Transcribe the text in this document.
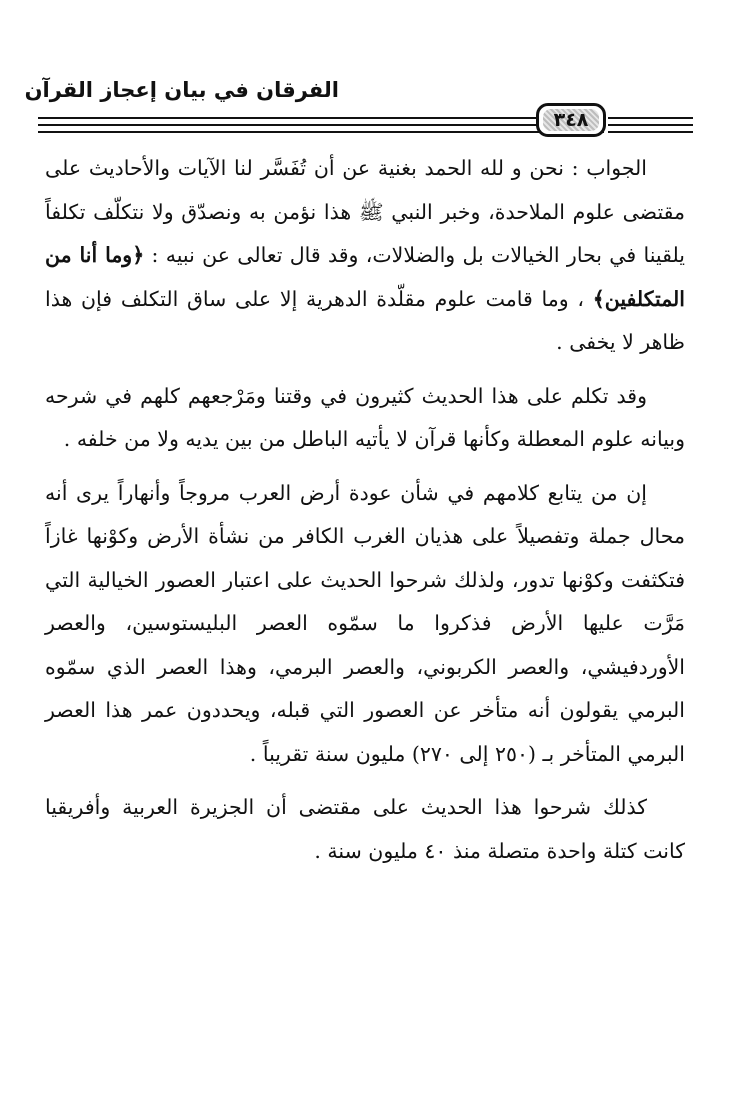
الفرقان في بيان إعجاز القرآن
٣٤٨

الجواب : نحن و لله الحمد بغنية عن أن تُفَسَّر لنا الآيات والأحاديث على مقتضى علوم الملاحدة، وخبر النبي ﷺ هذا نؤمن به ونصدّق ولا نتكلّف تكلفاً يلقينا في بحار الخيالات بل والضلالات، وقد قال تعالى عن نبيه : ﴿وما أنا من المتكلفين﴾ ، وما قامت علوم مقلّدة الدهرية إلا على ساق التكلف فإن هذا ظاهر لا يخفى .

وقد تكلم على هذا الحديث كثيرون في وقتنا ومَرْجعهم كلهم في شرحه وبيانه علوم المعطلة وكأنها قرآن لا يأتيه الباطل من بين يديه ولا من خلفه .

إن من يتابع كلامهم في شأن عودة أرض العرب مروجاً وأنهاراً يرى أنه محال جملة وتفصيلاً على هذيان الغرب الكافر من نشأة الأرض وكوْنها غازاً فتكثفت وكوْنها تدور، ولذلك شرحوا الحديث على اعتبار العصور الخيالية التي مَرَّت عليها الأرض فذكروا ما سمّوه العصر البليستوسين، والعصر الأوردفيشي، والعصر الكربوني، والعصر البرمي، وهذا العصر الذي سمّوه البرمي يقولون أنه متأخر عن العصور التي قبله، ويحددون عمر هذا العصر البرمي المتأخر بـ (٢٥٠ إلى ٢٧٠) مليون سنة تقريباً .

كذلك شرحوا هذا الحديث على مقتضى أن الجزيرة العربية وأفريقيا كانت كتلة واحدة متصلة منذ ٤٠ مليون سنة .
